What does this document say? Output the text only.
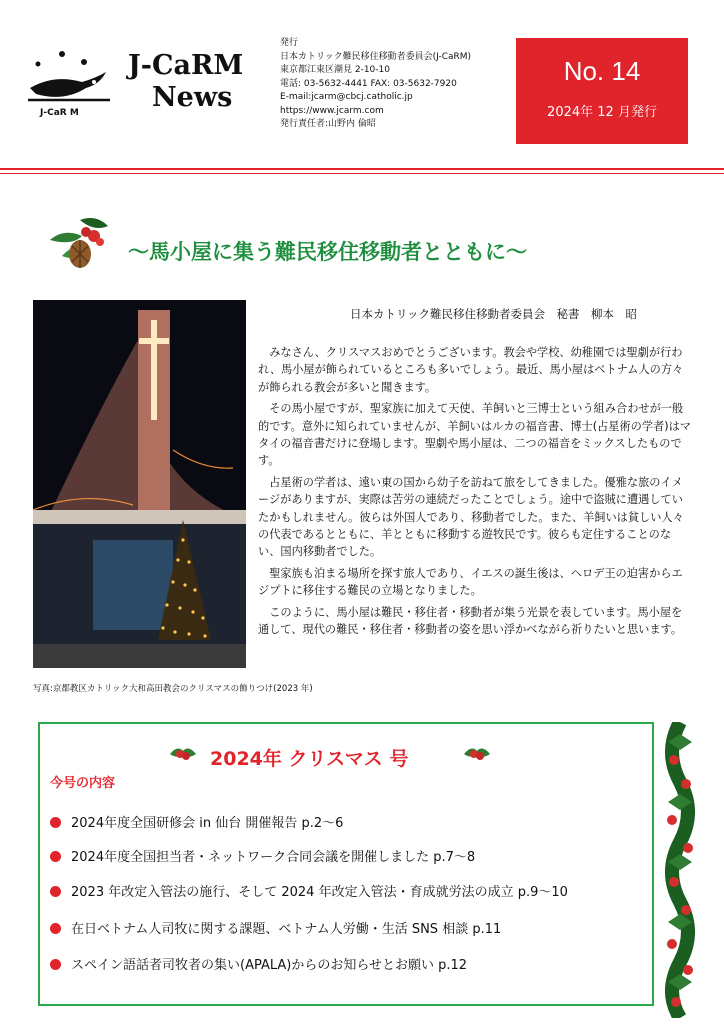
J-CaR M
J-CaRM
News
発行
日本カトリック難民移住移動者委員会(J-CaRM)
東京都江東区潮見 2-10-10
電話: 03-5632-4441 FAX: 03-5632-7920
E-mail:jcarm@cbcj.catholic.jp
https://www.jcarm.com
発行責任者:山野内 倫昭
No. 14
2024年 12 月発行
～馬小屋に集う難民移住移動者とともに～
写真:京都教区カトリック大和高田教会のクリスマスの飾りつけ(2023 年)
日本カトリック難民移住移動者委員会　秘書　柳本　昭

みなさん、クリスマスおめでとうございます。教会や学校、幼稚園では聖劇が行われ、馬小屋が飾られているところも多いでしょう。最近、馬小屋はベトナム人の方々が飾られる教会が多いと聞きます。

その馬小屋ですが、聖家族に加えて天使、羊飼いと三博士という組み合わせが一般的です。意外に知られていませんが、羊飼いはルカの福音書、博士(占星術の学者)はマタイの福音書だけに登場します。聖劇や馬小屋は、二つの福音をミックスしたものです。

占星術の学者は、遠い東の国から幼子を訪ねて旅をしてきました。優雅な旅のイメージがありますが、実際は苦労の連続だったことでしょう。途中で盗賊に遭遇していたかもしれません。彼らは外国人であり、移動者でした。また、羊飼いは貧しい人々の代表であるとともに、羊とともに移動する遊牧民です。彼らも定住することのない、国内移動者でした。

聖家族も泊まる場所を探す旅人であり、イエスの誕生後は、ヘロデ王の迫害からエジプトに移住する難民の立場となりました。

このように、馬小屋は難民・移住者・移動者が集う光景を表しています。馬小屋を通して、現代の難民・移住者・移動者の姿を思い浮かべながら祈りたいと思います。

2024年 クリスマス 号
今号の内容
2024年度全国研修会 in 仙台 開催報告 p.2～6
2024年度全国担当者・ネットワーク合同会議を開催しました p.7～8
2023 年改定入管法の施行、そして 2024 年改定入管法・育成就労法の成立 p.9～10
在日ベトナム人司牧に関する課題、ベトナム人労働・生活 SNS 相談 p.11
スペイン語話者司牧者の集い(APALA)からのお知らせとお願い p.12
